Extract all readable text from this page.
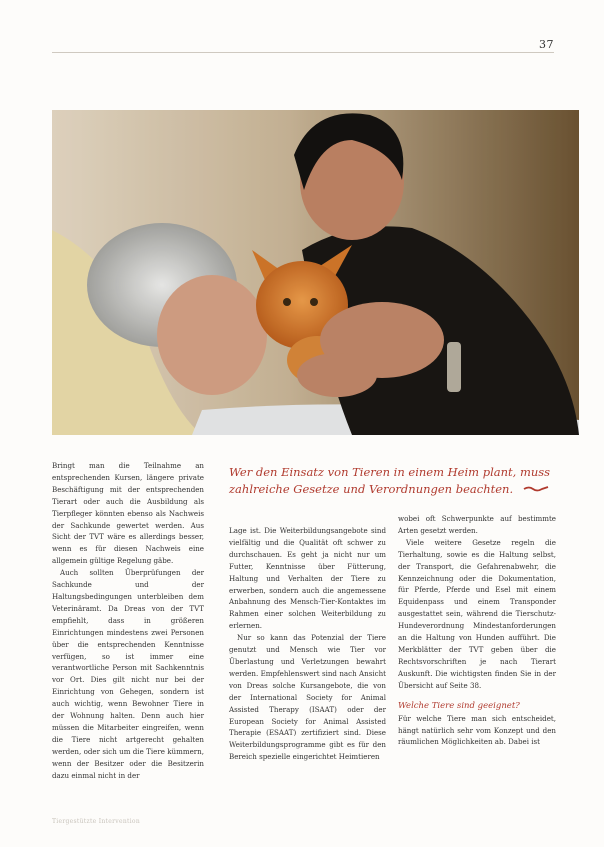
37

Bringt man die Teilnahme an entsprechenden Kursen, längere private Beschäftigung mit der entsprechenden Tierart oder auch die Ausbildung als Tierpfleger könnten ebenso als Nachweis der Sachkunde gewertet werden. Aus Sicht der TVT wäre es allerdings besser, wenn es für diesen Nachweis eine allgemein gültige Regelung gäbe.

Auch sollten Überprüfungen der Sachkunde und der Haltungsbedingungen unterbleiben dem Veterinäramt. Da Dreas von der TVT empfiehlt, dass in größeren Einrichtungen mindestens zwei Personen über die entsprechenden Kenntnisse verfügen, so ist immer eine verantwortliche Person mit Sachkenntnis vor Ort. Dies gilt nicht nur bei der Einrichtung von Gehegen, sondern ist auch wichtig, wenn Bewohner Tiere in der Wohnung halten. Denn auch hier müssen die Mitarbeiter eingreifen, wenn die Tiere nicht artgerecht gehalten werden, oder sich um die Tiere kümmern, wenn der Besitzer oder die Besitzerin dazu einmal nicht in der

Wer den Einsatz von Tieren in einem Heim plant, muss zahlreiche Gesetze und Verordnungen beachten.

Lage ist. Die Weiterbildungsangebote sind vielfältig und die Qualität oft schwer zu durchschauen. Es geht ja nicht nur um Futter, Kenntnisse über Fütterung, Haltung und Verhalten der Tiere zu erwerben, sondern auch die angemessene Anbahnung des Mensch-Tier-Kontaktes im Rahmen einer solchen Weiterbildung zu erlernen.

Nur so kann das Potenzial der Tiere genutzt und Mensch wie Tier vor Überlastung und Verletzungen bewahrt werden. Empfehlenswert sind nach Ansicht von Dreas solche Kursangebote, die von der International Society for Animal Assisted Therapy (ISAAT) oder der European Society for Animal Assisted Therapie (ESAAT) zertifiziert sind. Diese Weiterbildungsprogramme gibt es für den Bereich spezielle eingerichtet Heimtieren

wobei oft Schwerpunkte auf bestimmte Arten gesetzt werden.

Viele weitere Gesetze regeln die Tierhaltung, sowie es die Haltung selbst, der Transport, die Gefahrenabwehr, die Kennzeichnung oder die Dokumentation, für Pferde, Pferde und Esel mit einem Equidenpass und einem Transponder ausgestattet sein, während die Tierschutz-Hundeverordnung Mindestanforderungen an die Haltung von Hunden aufführt. Die Merkblätter der TVT geben über die Rechtsvorschriften je nach Tierart Auskunft. Die wichtigsten finden Sie in der Übersicht auf Seite 38.

Welche Tiere sind geeignet?

Für welche Tiere man sich entscheidet, hängt natürlich sehr vom Konzept und den räumlichen Möglichkeiten ab. Dabei ist

Tiergestützte Intervention
